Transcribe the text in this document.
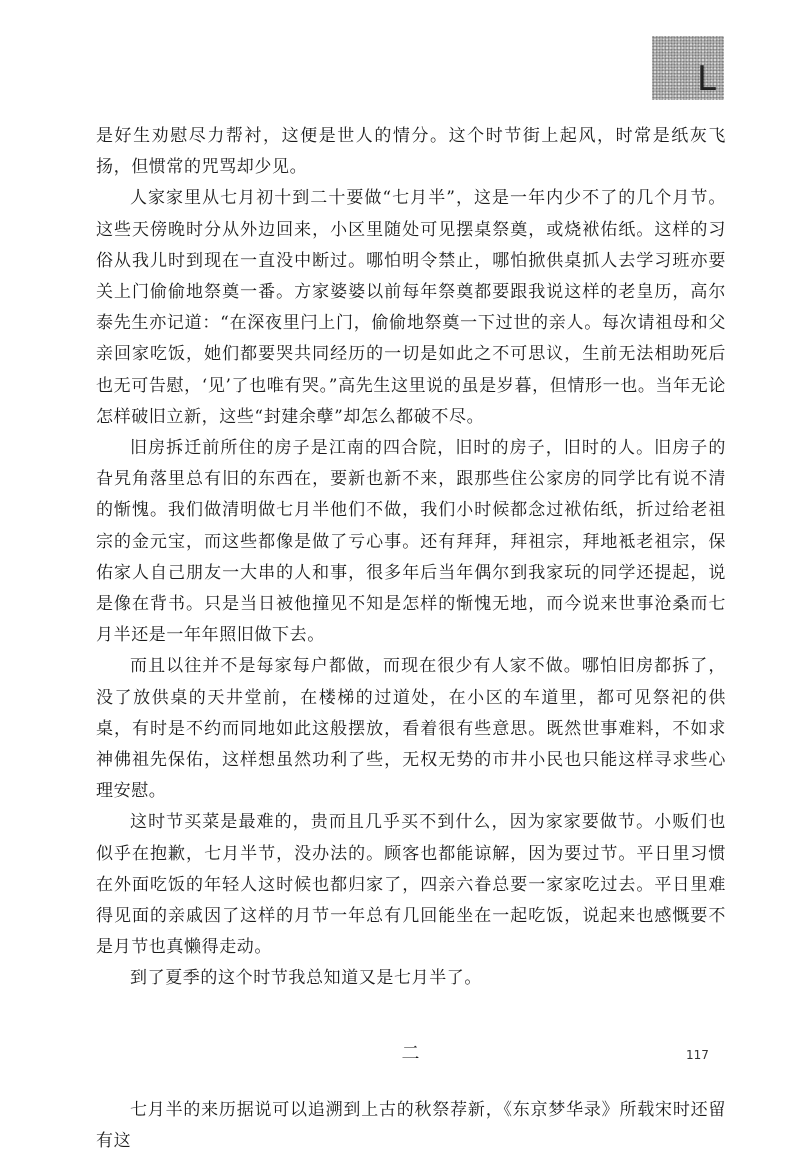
L

是好生劝慰尽力帮衬，这便是世人的情分。这个时节街上起风，时常是纸灰飞扬，但惯常的咒骂却少见。

人家家里从七月初十到二十要做“七月半”，这是一年内少不了的几个月节。这些天傍晚时分从外边回来，小区里随处可见摆桌祭奠，或烧袱佑纸。这样的习俗从我儿时到现在一直没中断过。哪怕明令禁止，哪怕掀供桌抓人去学习班亦要关上门偷偷地祭奠一番。方家婆婆以前每年祭奠都要跟我说这样的老皇历，高尔泰先生亦记道：“在深夜里闩上门，偷偷地祭奠一下过世的亲人。每次请祖母和父亲回家吃饭，她们都要哭共同经历的一切是如此之不可思议，生前无法相助死后也无可告慰，‘见’了也唯有哭。”高先生这里说的虽是岁暮，但情形一也。当年无论怎样破旧立新，这些“封建余孽”却怎么都破不尽。

旧房拆迁前所住的房子是江南的四合院，旧时的房子，旧时的人。旧房子的旮旯角落里总有旧的东西在，要新也新不来，跟那些住公家房的同学比有说不清的惭愧。我们做清明做七月半他们不做，我们小时候都念过袱佑纸，折过给老祖宗的金元宝，而这些都像是做了亏心事。还有拜拜，拜祖宗，拜地袛老祖宗，保佑家人自己朋友一大串的人和事，很多年后当年偶尔到我家玩的同学还提起，说是像在背书。只是当日被他撞见不知是怎样的惭愧无地，而今说来世事沧桑而七月半还是一年年照旧做下去。

而且以往并不是每家每户都做，而现在很少有人家不做。哪怕旧房都拆了，没了放供桌的天井堂前，在楼梯的过道处，在小区的车道里，都可见祭祀的供桌，有时是不约而同地如此这般摆放，看着很有些意思。既然世事难料，不如求神佛祖先保佑，这样想虽然功利了些，无权无势的市井小民也只能这样寻求些心理安慰。

这时节买菜是最难的，贵而且几乎买不到什么，因为家家要做节。小贩们也似乎在抱歉，七月半节，没办法的。顾客也都能谅解，因为要过节。平日里习惯在外面吃饭的年轻人这时候也都归家了，四亲六眷总要一家家吃过去。平日里难得见面的亲戚因了这样的月节一年总有几回能坐在一起吃饭，说起来也感慨要不是月节也真懒得走动。

到了夏季的这个时节我总知道又是七月半了。

二

七月半的来历据说可以追溯到上古的秋祭荐新，《东京梦华录》所载宋时还留有这

117
